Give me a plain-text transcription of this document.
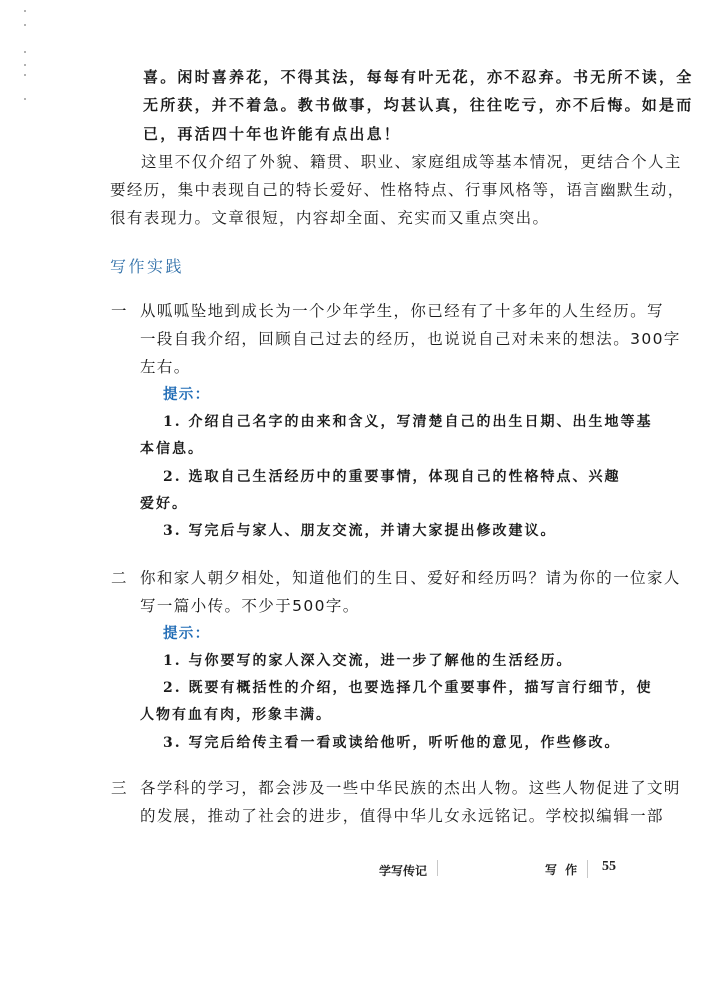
喜。闲时喜养花，不得其法，每每有叶无花，亦不忍弃。书无所不读，全
无所获，并不着急。教书做事，均甚认真，往往吃亏，亦不后悔。如是而
已，再活四十年也许能有点出息！
这里不仅介绍了外貌、籍贯、职业、家庭组成等基本情况，更结合个人主
要经历，集中表现自己的特长爱好、性格特点、行事风格等，语言幽默生动，
很有表现力。文章很短，内容却全面、充实而又重点突出。
写作实践
一 从呱呱坠地到成长为一个少年学生，你已经有了十多年的人生经历。写
一段自我介绍，回顾自己过去的经历，也说说自己对未来的想法。300字
左右。
提示：
1. 介绍自己名字的由来和含义，写清楚自己的出生日期、出生地等基
本信息。
2. 选取自己生活经历中的重要事情，体现自己的性格特点、兴趣
爱好。
3. 写完后与家人、朋友交流，并请大家提出修改建议。
二 你和家人朝夕相处，知道他们的生日、爱好和经历吗？请为你的一位家人
写一篇小传。不少于500字。
提示：
1. 与你要写的家人深入交流，进一步了解他的生活经历。
2. 既要有概括性的介绍，也要选择几个重要事件，描写言行细节，使
人物有血有肉，形象丰满。
3. 写完后给传主看一看或读给他听，听听他的意见，作些修改。
三 各学科的学习，都会涉及一些中华民族的杰出人物。这些人物促进了文明
的发展，推动了社会的进步，值得中华儿女永远铭记。学校拟编辑一部
学写传记	写 作 55
